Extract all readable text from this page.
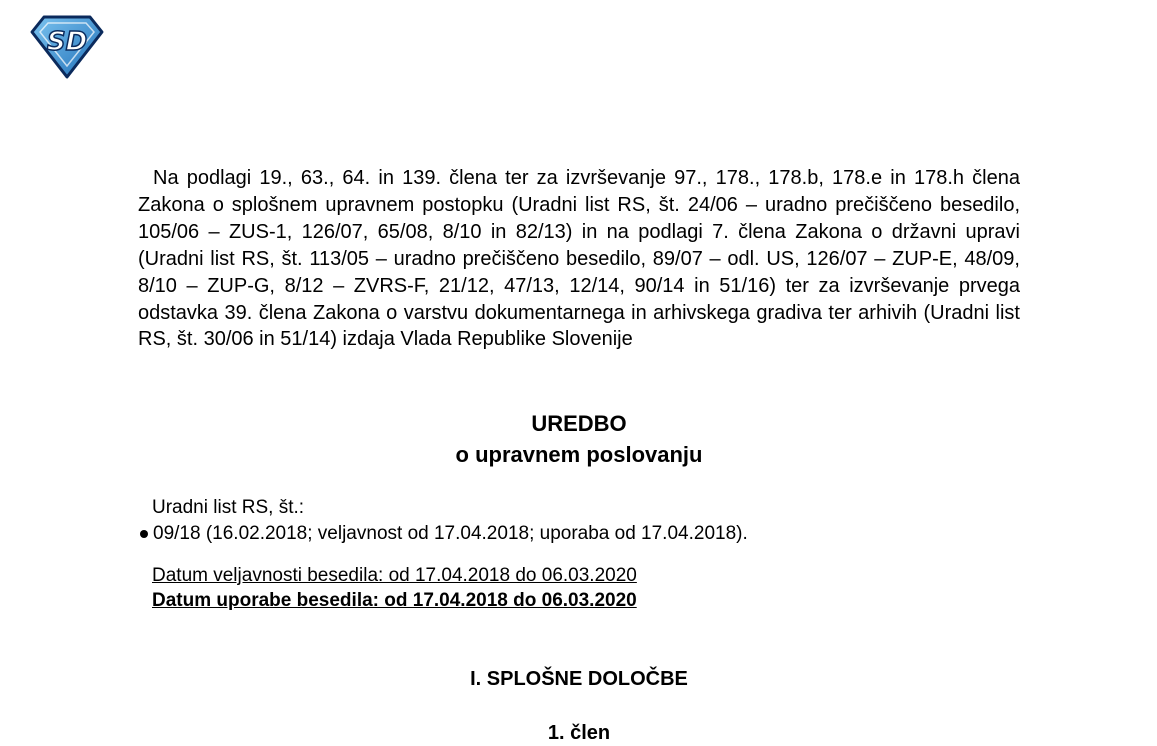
SD

Na podlagi 19., 63., 64. in 139. člena ter za izvrševanje 97., 178., 178.b, 178.e in 178.h člena Zakona o splošnem upravnem postopku (Uradni list RS, št. 24/06 – uradno prečiščeno besedilo, 105/06 – ZUS-1, 126/07, 65/08, 8/10 in 82/13) in na podlagi 7. člena Zakona o državni upravi (Uradni list RS, št. 113/05 – uradno prečiščeno besedilo, 89/07 – odl. US, 126/07 – ZUP-E, 48/09, 8/10 – ZUP-G, 8/12 – ZVRS-F, 21/12, 47/13, 12/14, 90/14 in 51/16) ter za izvrševanje prvega odstavka 39. člena Zakona o varstvu dokumentarnega in arhivskega gradiva ter arhivih (Uradni list RS, št. 30/06 in 51/14) izdaja Vlada Republike Slovenije

UREDBO
o upravnem poslovanju
Uradni list RS, št.:
09/18 (16.02.2018; veljavnost od 17.04.2018; uporaba od 17.04.2018).
Datum veljavnosti besedila: od 17.04.2018 do 06.03.2020
Datum uporabe besedila: od 17.04.2018 do 06.03.2020
I. SPLOŠNE DOLOČBE
1. člen
